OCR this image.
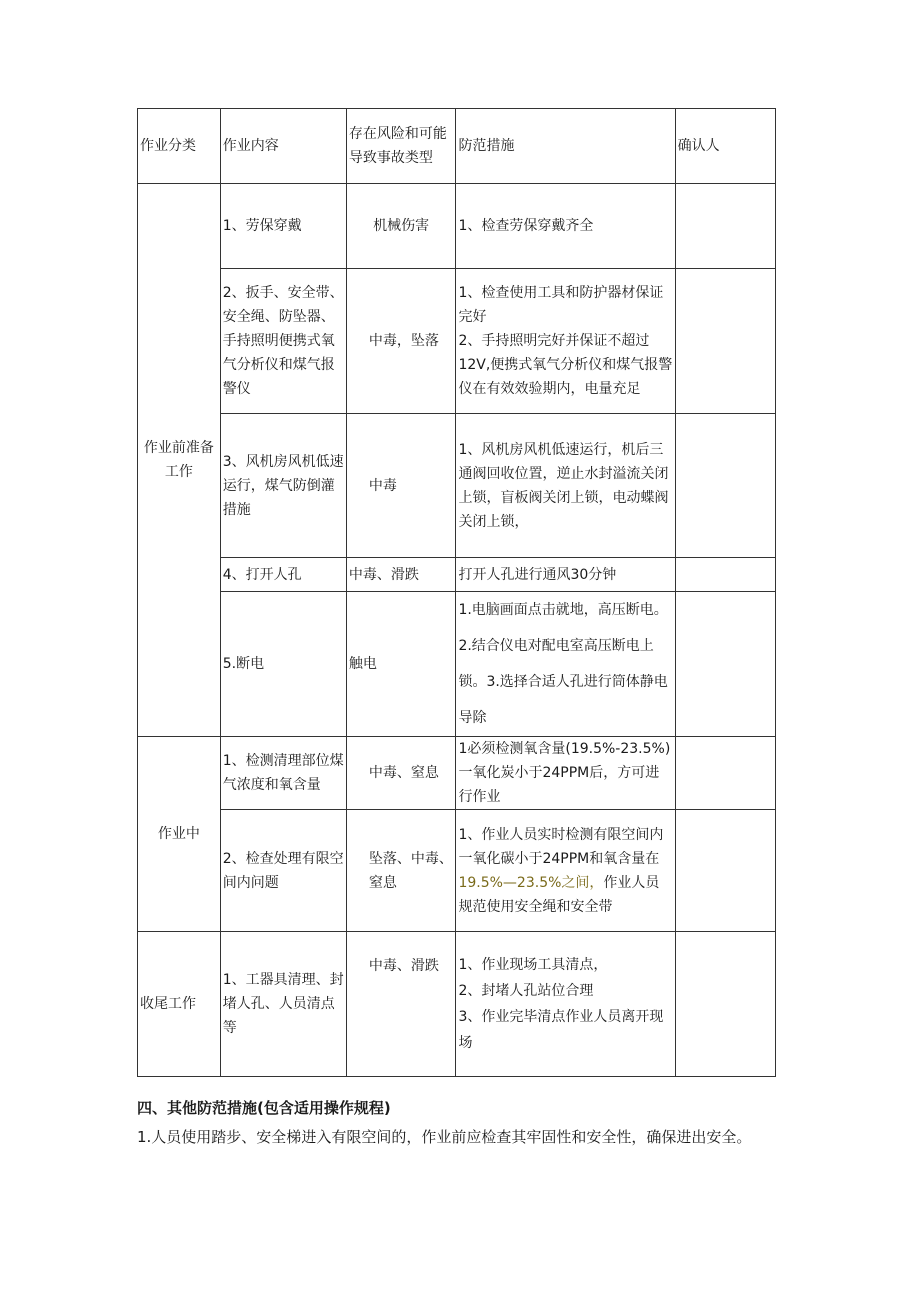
作业分类	作业内容	存在风险和可能导致事故类型	防范措施	确认人
作业前准备工作	1、劳保穿戴	机械伤害	1、检查劳保穿戴齐全	
	2、扳手、安全带、安全绳、防坠器、手持照明便携式氧气分析仪和煤气报警仪	中毒，坠落	1、检查使用工具和防护器材保证完好
2、手持照明完好并保证不超过12V,便携式氧气分析仪和煤气报警仪在有效效验期内，电量充足	
	3、风机房风机低速运行，煤气防倒灌措施	中毒	1、风机房风机低速运行，机后三通阀回收位置，逆止水封溢流关闭上锁，盲板阀关闭上锁，电动蝶阀关闭上锁，	
	4、打开人孔	中毒、滑跌	打开人孔进行通风30分钟	
	5.断电	触电	1.电脑画面点击就地，高压断电。2.结合仪电对配电室高压断电上锁。3.选择合适人孔进行筒体静电导除	
作业中	1、检测清理部位煤气浓度和氧含量	中毒、窒息	1必须检测氧含量(19.5%-23.5%)一氧化炭小于24PPM后，方可进行作业	
	2、检查处理有限空间内问题	坠落、中毒、窒息	1、作业人员实时检测有限空间内一氧化碳小于24PPM和氧含量在19.5%—23.5%之间，作业人员规范使用安全绳和安全带	
收尾工作	1、工器具清理、封堵人孔、人员清点等	中毒、滑跌	1、作业现场工具清点，
2、封堵人孔站位合理
3、作业完毕清点作业人员离开现场	
四、其他防范措施(包含适用操作规程)

1.人员使用踏步、安全梯进入有限空间的，作业前应检查其牢固性和安全性，确保进出安全。
